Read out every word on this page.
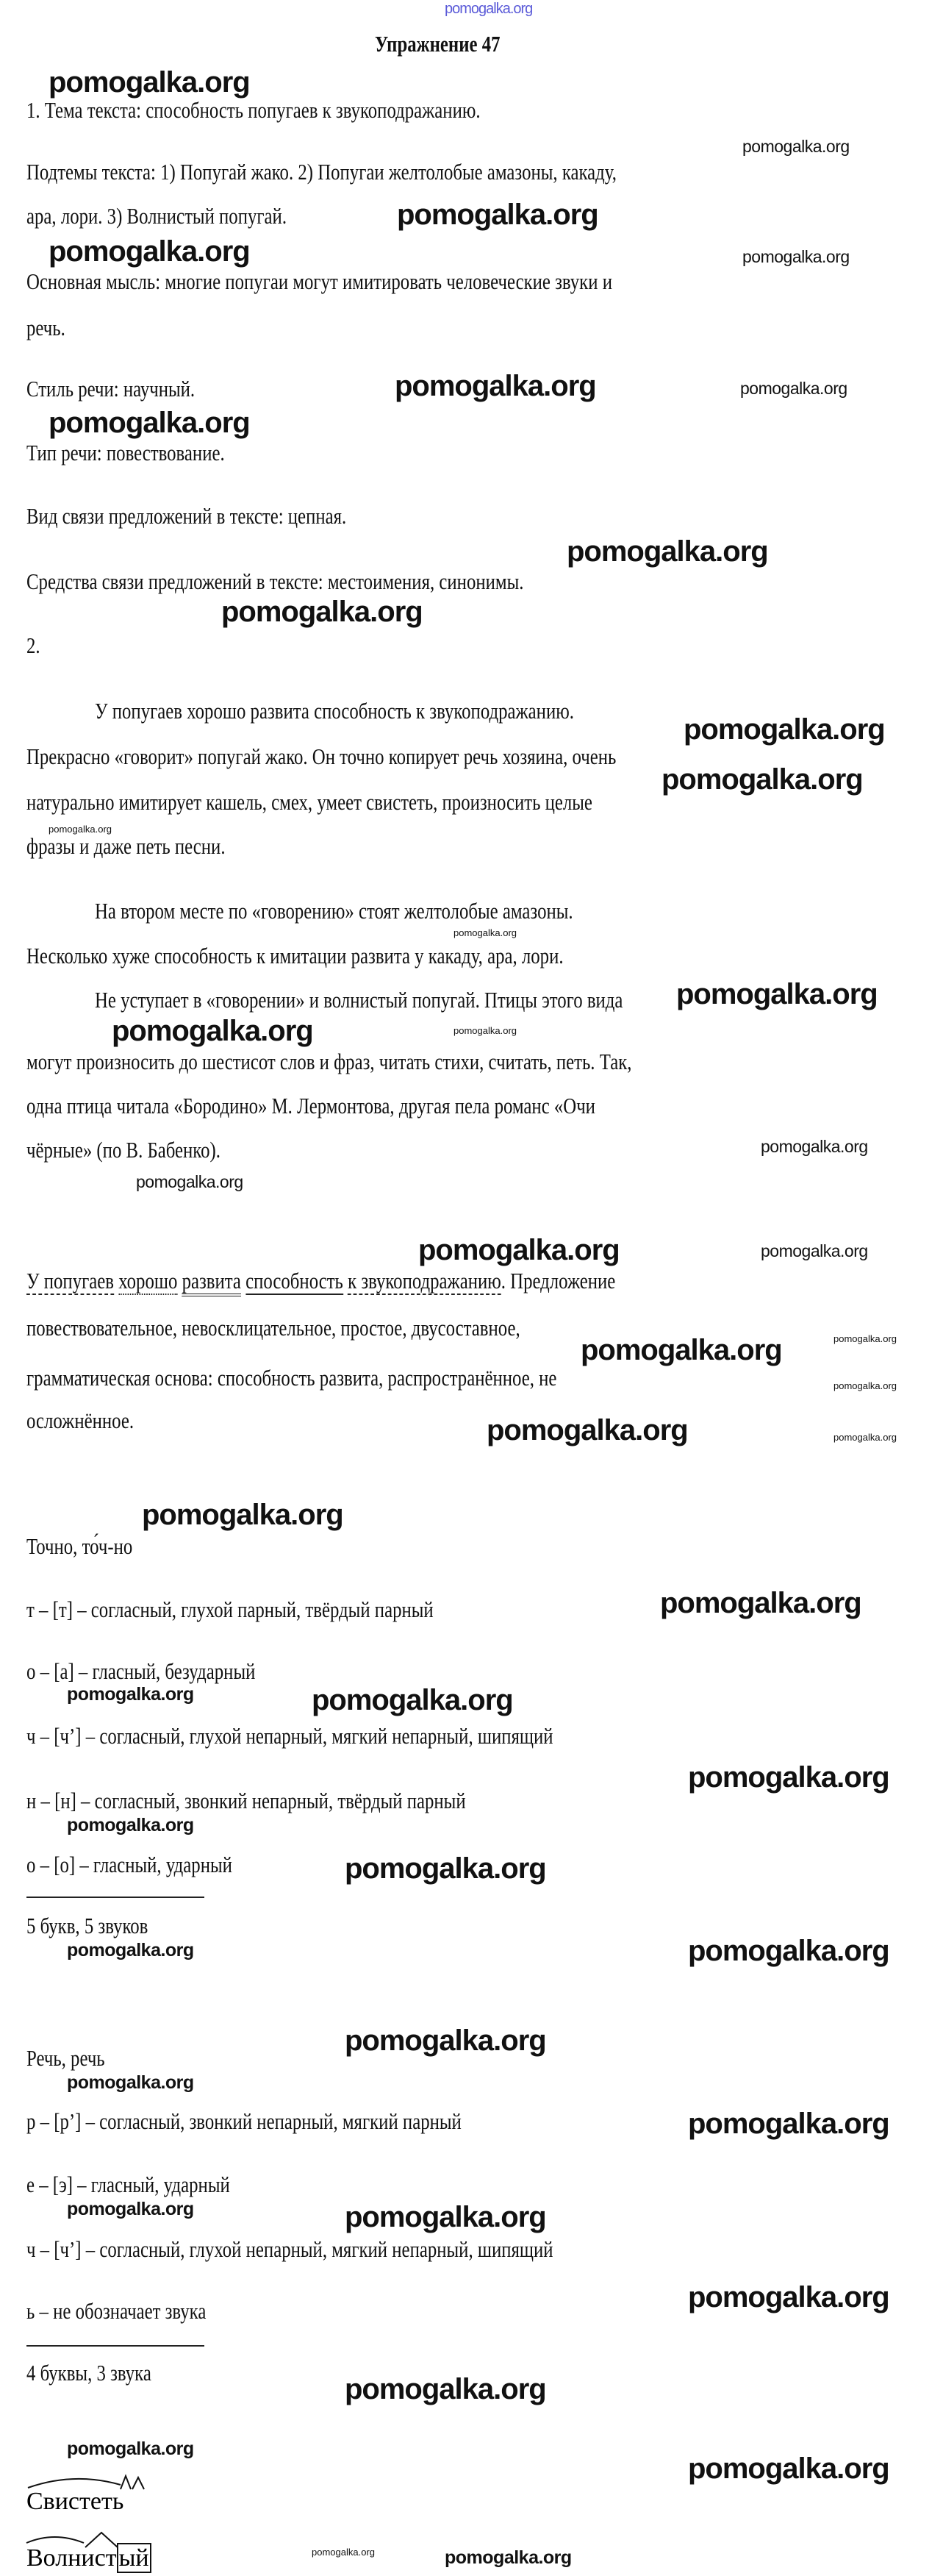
pomogalka.org
pomogalka.org
pomogalka.org
pomogalka.org
pomogalka.org	pomogalka.org
pomogalka.org	pomogalka.org
pomogalka.org
pomogalka.org
pomogalka.org
pomogalka.org
pomogalka.org
pomogalka.org
pomogalka.org
pomogalka.org
pomogalka.org
pomogalka.org
pomogalka.org
pomogalka.org
pomogalka.org	pomogalka.org
pomogalka.org
pomogalka.org
pomogalka.org
pomogalka.org	pomogalka.org
pomogalka.org
pomogalka.org
pomogalka.org	pomogalka.org
pomogalka.org
pomogalka.org
pomogalka.org
pomogalka.org	pomogalka.org
pomogalka.org
pomogalka.org
pomogalka.org
pomogalka.org	pomogalka.org
pomogalka.org
pomogalka.org
pomogalka.org
pomogalka.org
pomogalka.org	pomogalka.org
Упражнение 47
1. Тема текста: способность попугаев к звукоподражанию.
Подтемы текста: 1) Попугай жако. 2) Попугаи желтолобые амазоны, какаду,
ара, лори. 3) Волнистый попугай.
Основная мысль: многие попугаи могут имитировать человеческие звуки и
речь.
Стиль речи: научный.
Тип речи: повествование.
Вид связи предложений в тексте: цепная.
Средства связи предложений в тексте: местоимения, синонимы.
2.
У попугаев хорошо развита способность к звукоподражанию.
Прекрасно «говорит» попугай жако. Он точно копирует речь хозяина, очень
натурально имитирует кашель, смех, умеет свистеть, произносить целые
фразы и даже петь песни.
На втором месте по «говорению» стоят желтолобые амазоны.
Несколько хуже способность к имитации развита у какаду, ара, лори.
Не уступает в «говорении» и волнистый попугай. Птицы этого вида
могут произносить до шестисот слов и фраз, читать стихи, считать, петь. Так,
одна птица читала «Бородино» М. Лермонтова, другая пела романс «Очи
чёрные» (по В. Бабенко).
У попугаев хорошо развита способность к звукоподражанию. Предложение
повествовательное, невосклицательное, простое, двусоставное,
грамматическая основа: способность развита, распространённое, не
осложнённое.
Точно, то́ч-но
т – [т] – согласный, глухой парный, твёрдый парный
о – [а] – гласный, безударный
ч – [ч’] – согласный, глухой непарный, мягкий непарный, шипящий
н – [н] – согласный, звонкий непарный, твёрдый парный
о – [о] – гласный, ударный
5 букв, 5 звуков
Речь, речь
р – [р’] – согласный, звонкий непарный, мягкий парный
е – [э] – гласный, ударный
ч – [ч’] – согласный, глухой непарный, мягкий непарный, шипящий
ь – не обозначает звука
4 буквы, 3 звука
Свистеть
Волнистый
